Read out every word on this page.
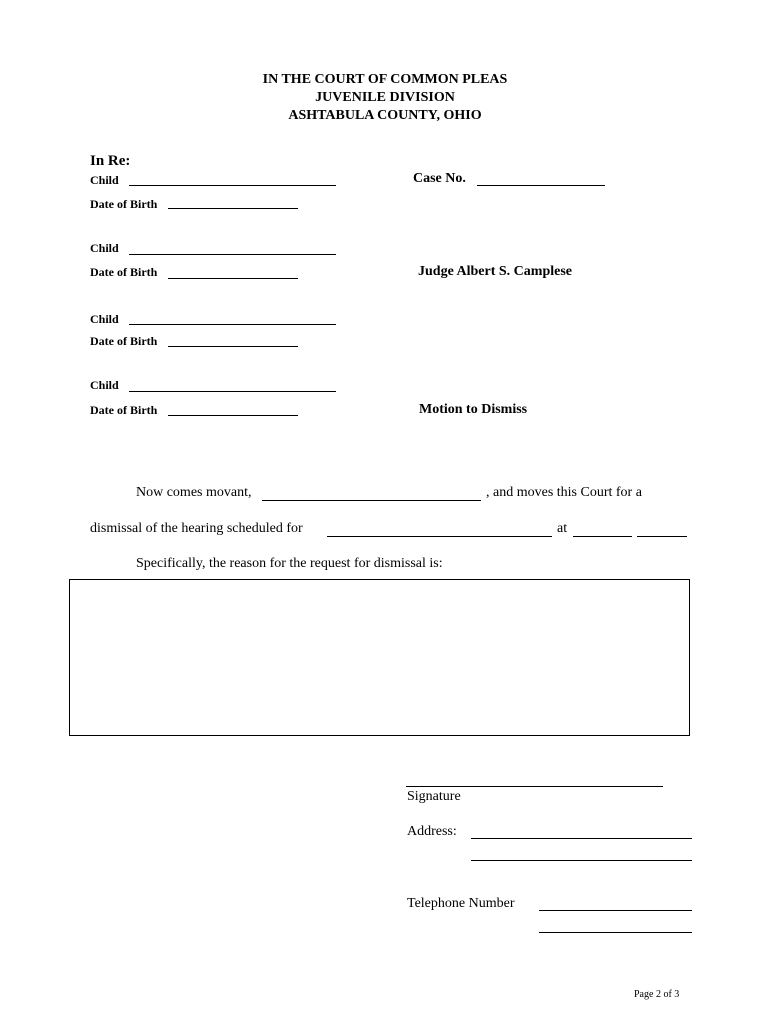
IN THE COURT OF COMMON PLEAS
JUVENILE DIVISION
ASHTABULA COUNTY, OHIO
In Re:
Child
Date of Birth
Case No.
Child
Date of Birth	Judge Albert S. Camplese
Child
Date of Birth
Child
Date of Birth	Motion to Dismiss
Now comes movant,	, and moves this Court for a
dismissal of the hearing scheduled for	at
Specifically, the reason for the request for dismissal is:
Signature
Address:
Telephone Number
Page 2 of 3
